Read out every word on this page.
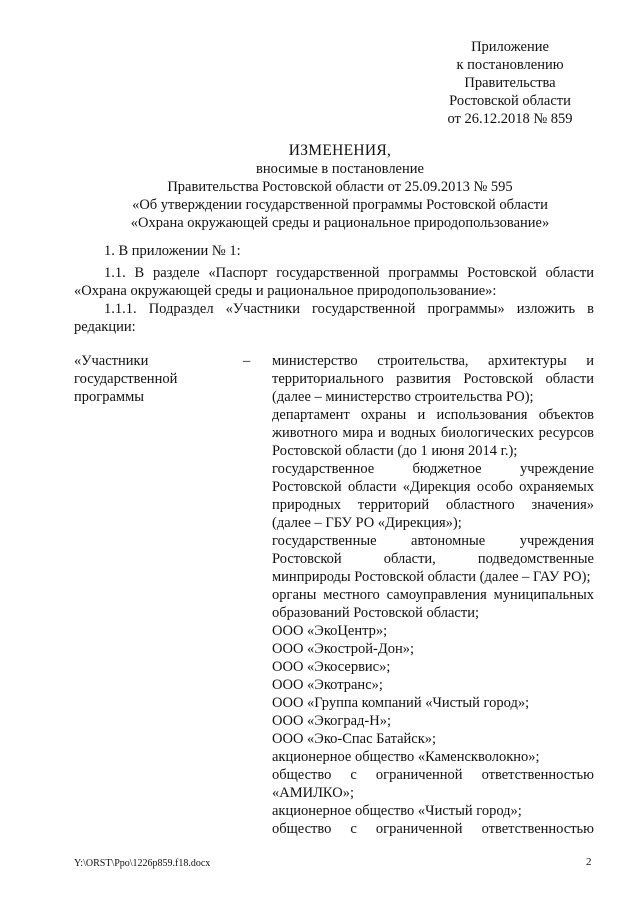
Приложение
к постановлению
Правительства
Ростовской области
от 26.12.2018 № 859
ИЗМЕНЕНИЯ,
вносимые в постановление
Правительства Ростовской области от 25.09.2013 № 595
«Об утверждении государственной программы Ростовской области
«Охрана окружающей среды и рациональное природопользование»
1. В приложении № 1:
1.1. В разделе «Паспорт государственной программы Ростовской области «Охрана окружающей среды и рациональное природопользование»:
1.1.1. Подраздел «Участники государственной программы» изложить в редакции:
«Участники государственной программы
– министерство строительства, архитектуры и территориального развития Ростовской области (далее – министерство строительства РО);
департамент охраны и использования объектов животного мира и водных биологических ресурсов Ростовской области (до 1 июня 2014 г.);
государственное бюджетное учреждение Ростовской области «Дирекция особо охраняемых природных территорий областного значения» (далее – ГБУ РО «Дирекция»);
государственные автономные учреждения Ростовской области, подведомственные минприроды Ростовской области (далее – ГАУ РО);
органы местного самоуправления муниципальных образований Ростовской области;
ООО «ЭкоЦентр»;
ООО «Экострой-Дон»;
ООО «Экосервис»;
ООО «Экотранс»;
ООО «Группа компаний «Чистый город»;
ООО «Экоград-Н»;
ООО «Эко-Спас Батайск»;
акционерное общество «Каменскволокно»;
общество с ограниченной ответственностью «АМИЛКО»;
акционерное общество «Чистый город»;
общество с ограниченной ответственностью
Y:\ORST\Ppo\1226p859.f18.docx	2
